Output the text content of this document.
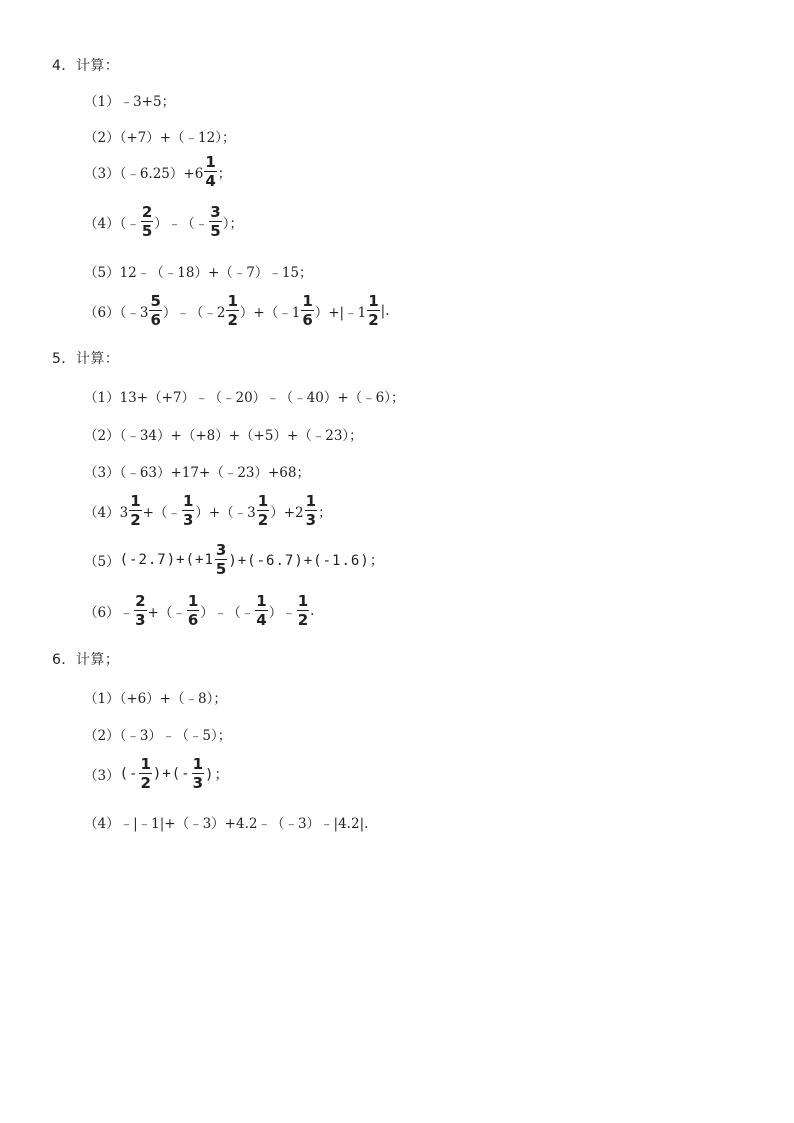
4．计算：
（1）﹣3+5；
（2）（+7）+（﹣12）；
（3）（﹣6.25）+6 $\frac{1}{4}$ ；
（4）（﹣ $\frac{2}{5}$ ）﹣（﹣ $\frac{3}{5}$ ）；
（5）12﹣（﹣18）+（﹣7）﹣15；
（6）（﹣3 $\frac{5}{6}$ ）﹣（﹣2 $\frac{1}{2}$ ）+（﹣1 $\frac{1}{6}$ ）+|﹣1 $\frac{1}{2}$ |.
5．计算：
（1）13+（+7）﹣（﹣20）﹣（﹣40）+（﹣6）；
（2）（﹣34）+（+8）+（+5）+（﹣23）；
（3）（﹣63）+17+（﹣23）+68；
$(4)3 \frac{1}{2}$ +（﹣ $\frac{1}{3}$ ）+（﹣3 $\frac{1}{2} )+2 \frac{1}{3}$ ；
（5） $(-2.7)+(+1 \frac{3}{5} )+(-6.7)+(-1.6)$；
（6）﹣ $\frac{2}{3}$ +（﹣ $\frac{1}{6}$ ）﹣（﹣ $\frac{1}{4}$ ）﹣ $\frac{1}{2}$ .
6．计算；
（1）（+6）+（﹣8）；
（2）（﹣3）﹣（﹣5）；
（3） (- $\frac{1}{2}$ )+(- $\frac{1}{3}$ )；
（4）﹣|﹣1|+（﹣3）+4.2﹣（﹣3）﹣|4.2|.
